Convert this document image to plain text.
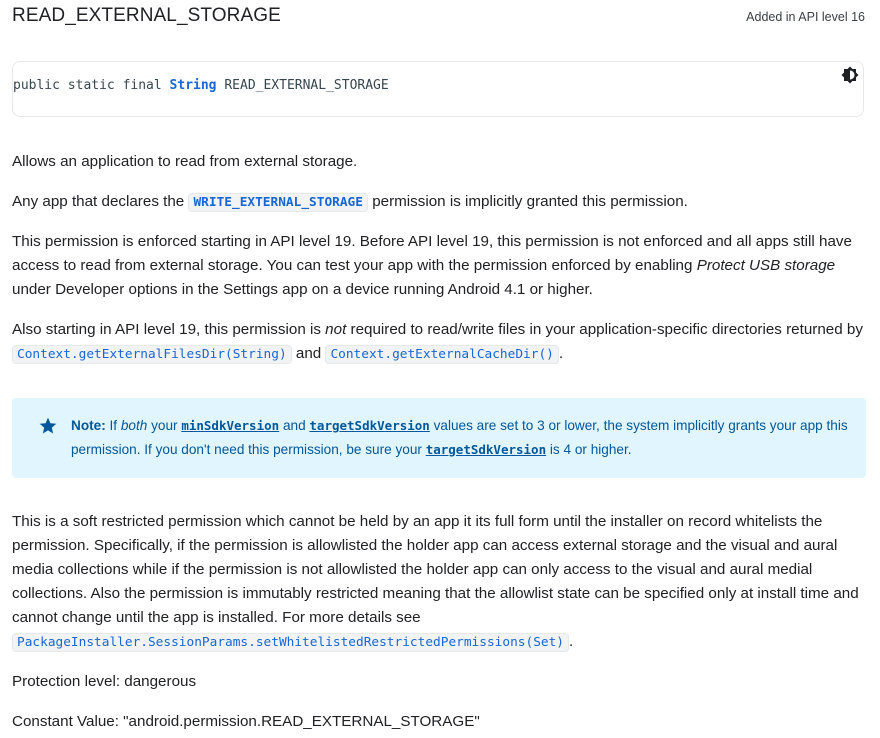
READ_EXTERNAL_STORAGE	Added in API level 16
public static final String READ_EXTERNAL_STORAGE

Allows an application to read from external storage.

Any app that declares the WRITE_EXTERNAL_STORAGE permission is implicitly granted this permission.

This permission is enforced starting in API level 19. Before API level 19, this permission is not enforced and all apps still have access to read from external storage. You can test your app with the permission enforced by enabling Protect USB storage under Developer options in the Settings app on a device running Android 4.1 or higher.

Also starting in API level 19, this permission is not required to read/write files in your application-specific directories returned by Context.getExternalFilesDir(String) and Context.getExternalCacheDir() .

Note: If both your minSdkVersion and targetSdkVersion values are set to 3 or lower, the system implicitly grants your app this permission. If you don't need this permission, be sure your targetSdkVersion is 4 or higher.

This is a soft restricted permission which cannot be held by an app it its full form until the installer on record whitelists the permission. Specifically, if the permission is allowlisted the holder app can access external storage and the visual and aural media collections while if the permission is not allowlisted the holder app can only access to the visual and aural medial collections. Also the permission is immutably restricted meaning that the allowlist state can be specified only at install time and cannot change until the app is installed. For more details see PackageInstaller.SessionParams.setWhitelistedRestrictedPermissions(Set) .

Protection level: dangerous

Constant Value: "android.permission.READ_EXTERNAL_STORAGE"
